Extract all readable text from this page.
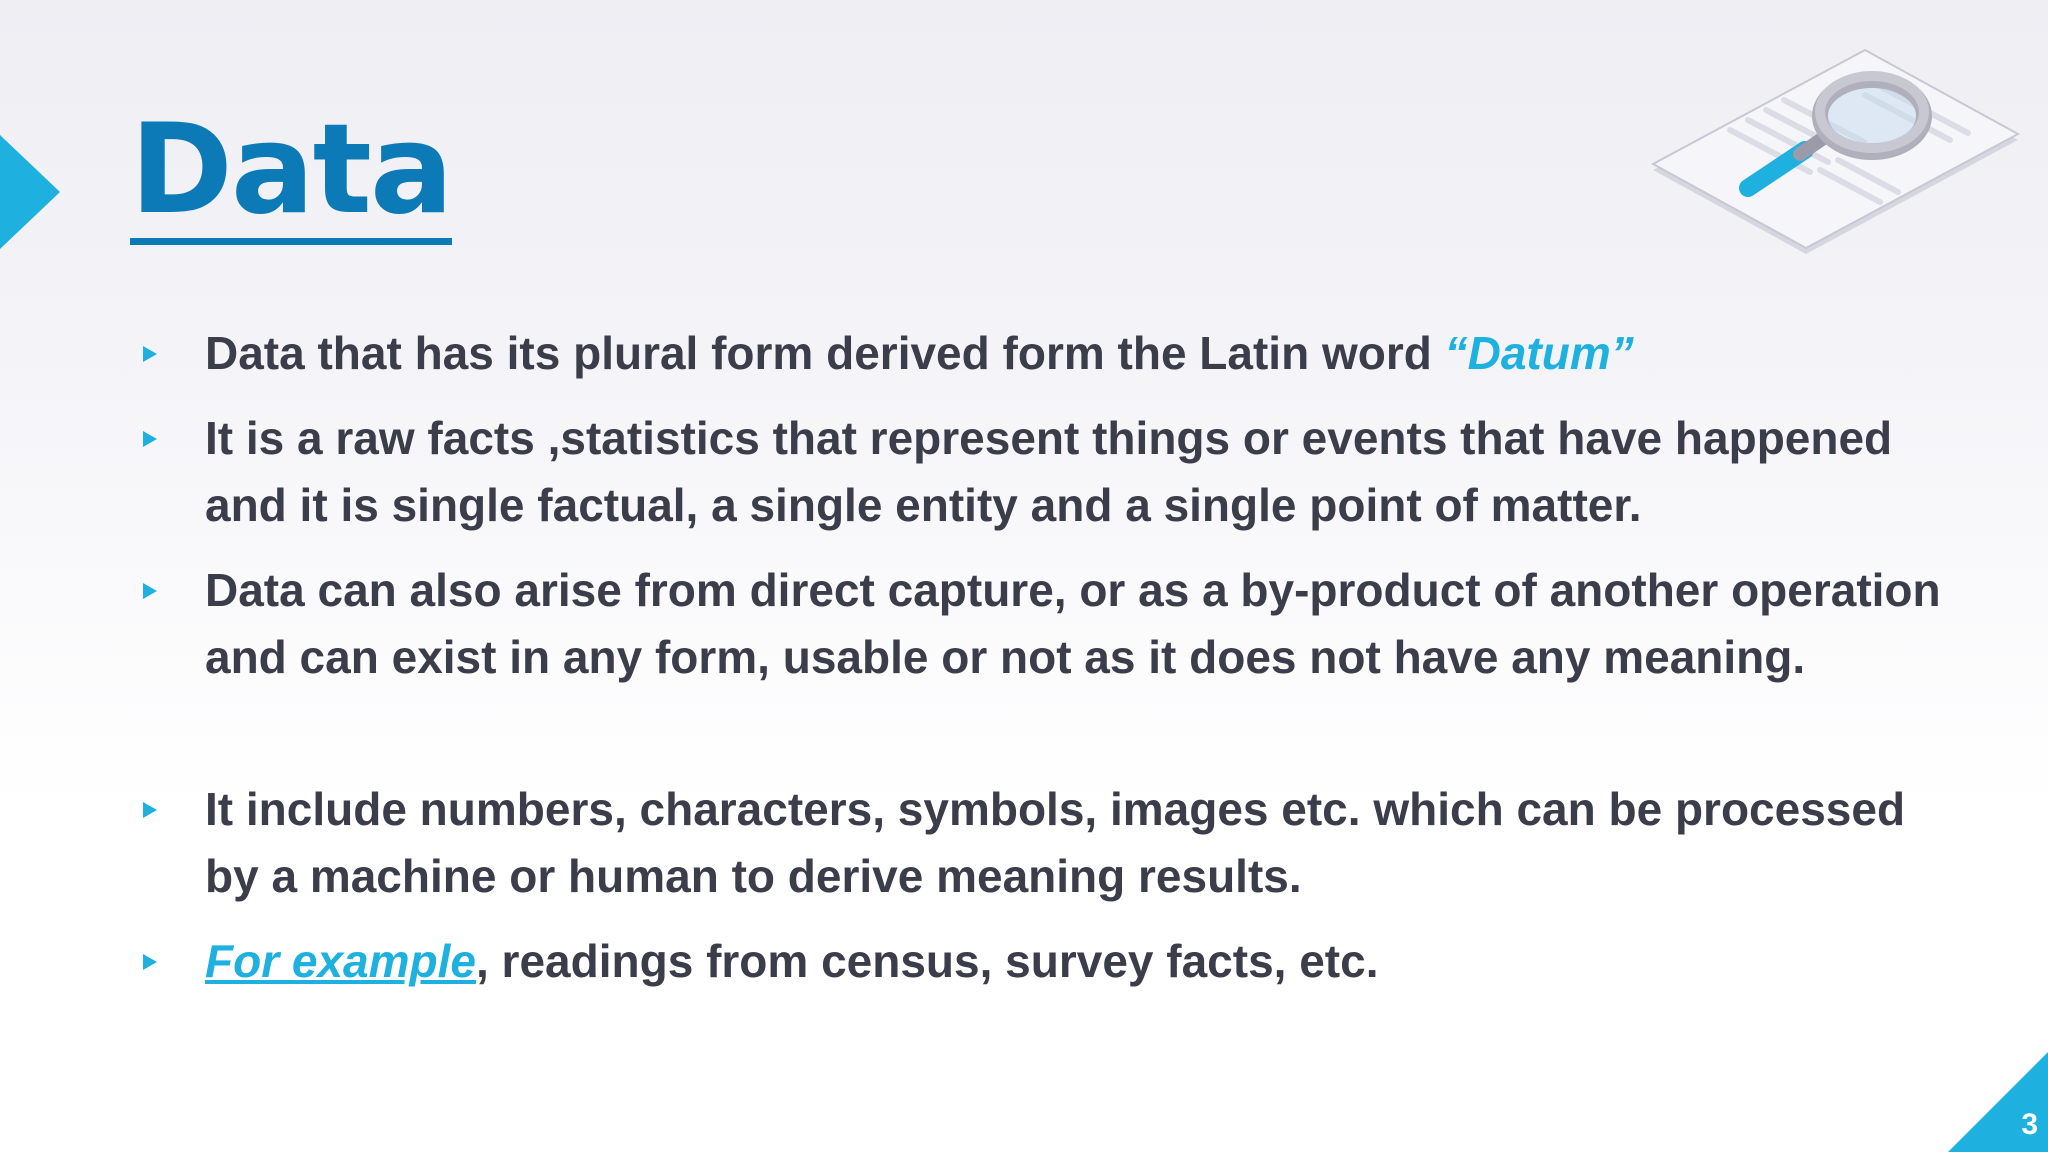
Data

Data that has its plural form derived form the Latin word “Datum”

It is a raw facts ,statistics that represent things or events that have happened and it is single factual, a single entity and a single point of matter.

Data can also arise from direct capture, or as a by-product of another operation and can exist in any form, usable or not as it does not have any meaning.

It include numbers, characters, symbols, images etc. which can be processed by a machine or human to derive meaning results.

For example, readings from census, survey facts, etc.

3
